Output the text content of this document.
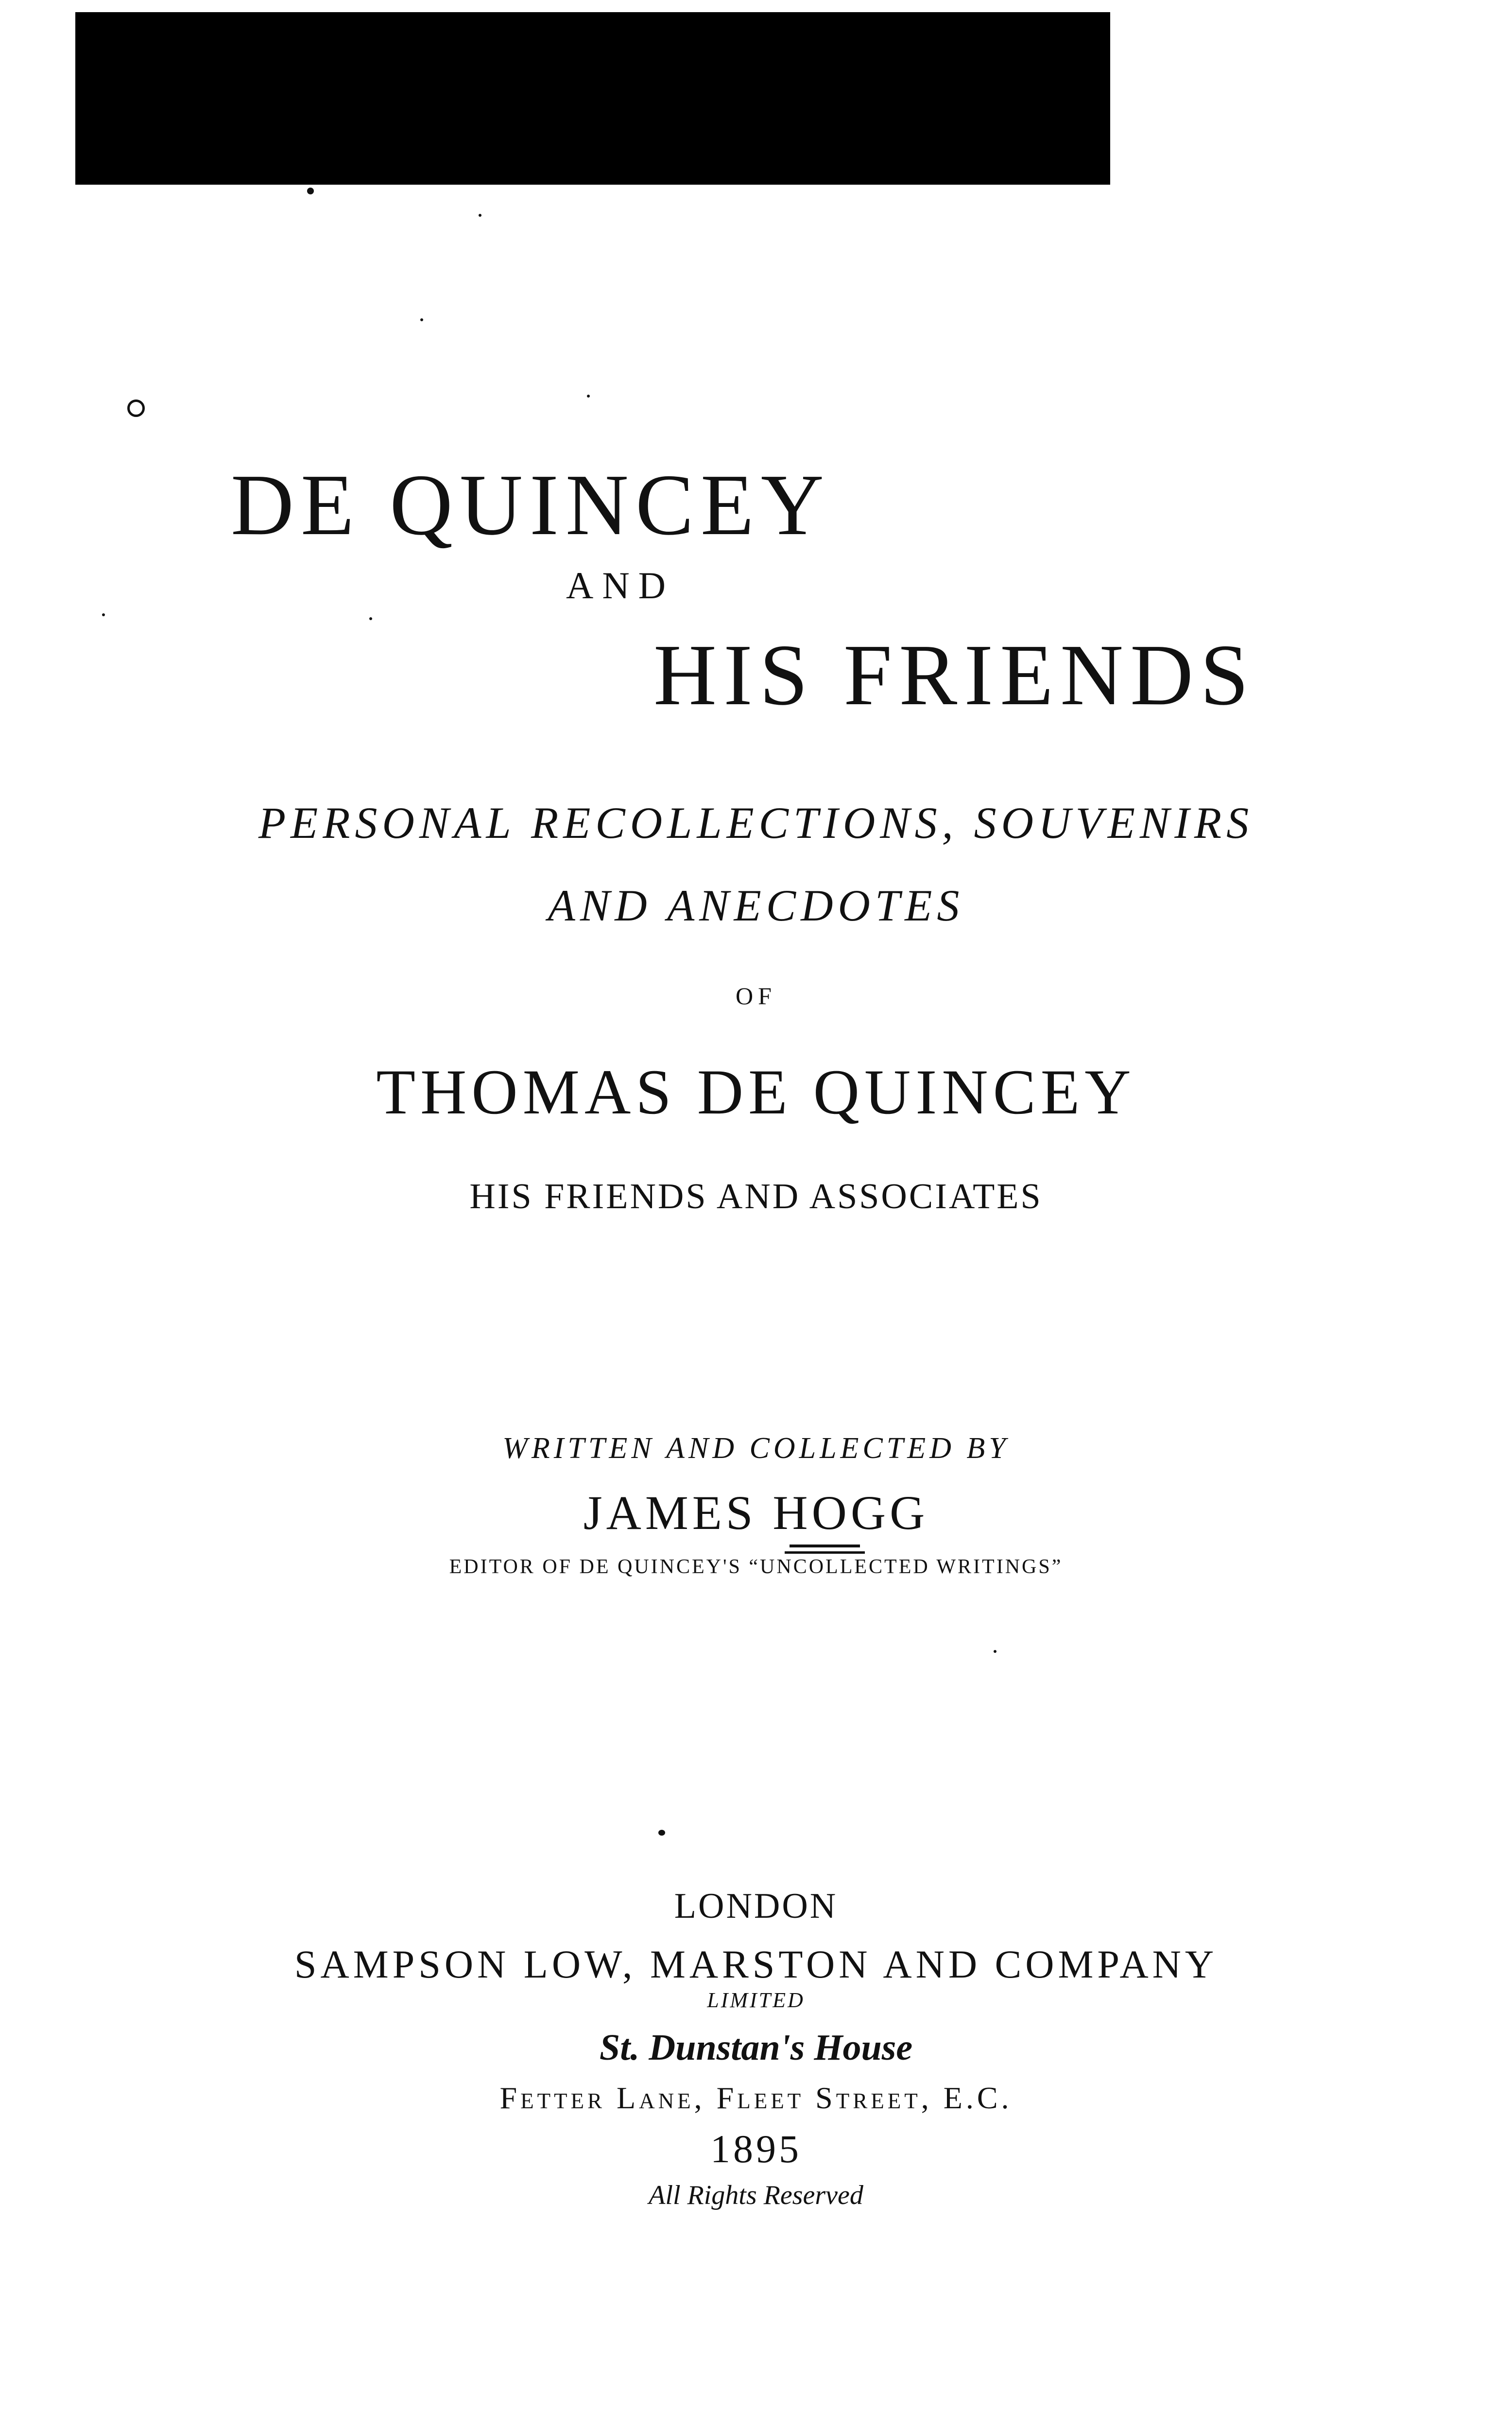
DE QUINCEY
AND
HIS FRIENDS
PERSONAL RECOLLECTIONS, SOUVENIRS
AND ANECDOTES
OF
THOMAS DE QUINCEY
HIS FRIENDS AND ASSOCIATES
WRITTEN AND COLLECTED BY
JAMES HOGG
EDITOR OF DE QUINCEY'S “UNCOLLECTED WRITINGS”
LONDON
SAMPSON LOW, MARSTON AND COMPANY
LIMITED
St. Dunstan's House
Fetter Lane, Fleet Street, E.C.
1895
All Rights Reserved
